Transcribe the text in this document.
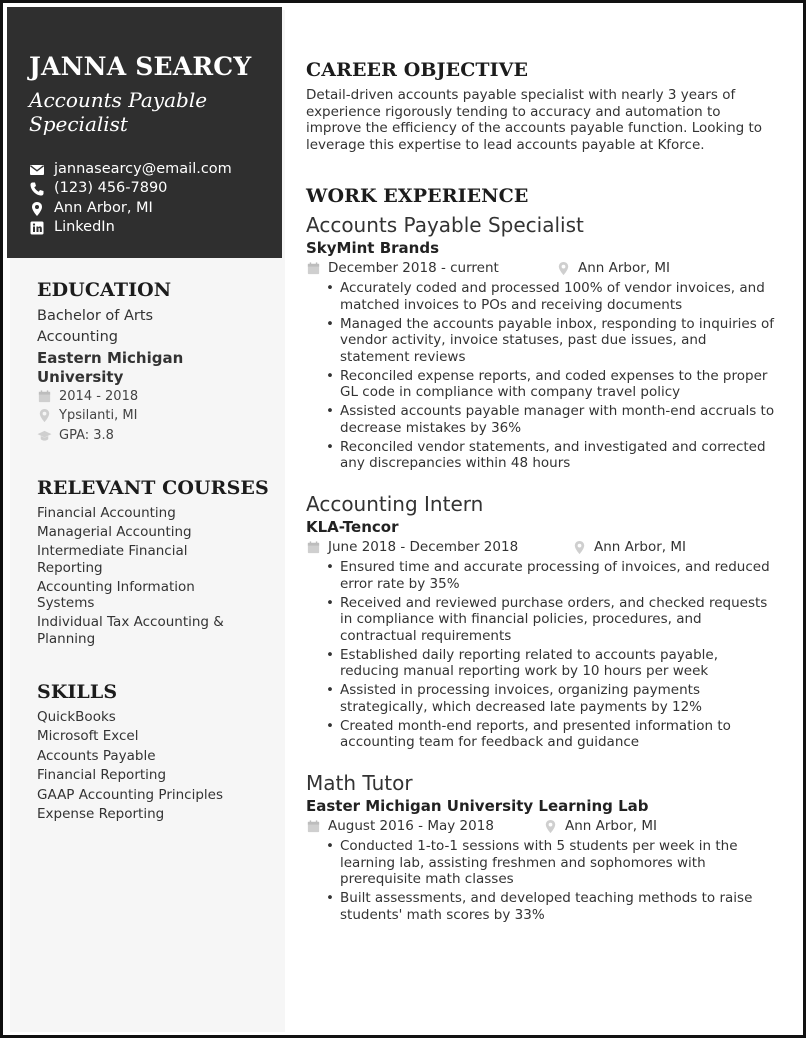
JANNA SEARCY
Accounts Payable Specialist
jannasearcy@email.com
(123) 456-7890
Ann Arbor, MI
LinkedIn
EDUCATION
Bachelor of Arts
Accounting
Eastern Michigan University
2014 - 2018
Ypsilanti, MI
GPA: 3.8
RELEVANT COURSES
Financial Accounting
Managerial Accounting
Intermediate Financial Reporting
Accounting Information Systems
Individual Tax Accounting & Planning
SKILLS
QuickBooks
Microsoft Excel
Accounts Payable
Financial Reporting
GAAP Accounting Principles
Expense Reporting
CAREER OBJECTIVE

Detail-driven accounts payable specialist with nearly 3 years of experience rigorously tending to accuracy and automation to improve the efficiency of the accounts payable function. Looking to leverage this expertise to lead accounts payable at Kforce.

WORK EXPERIENCE
Accounts Payable Specialist
SkyMint Brands
December 2018 - current	Ann Arbor, MI
• Accurately coded and processed 100% of vendor invoices, and matched invoices to POs and receiving documents
• Managed the accounts payable inbox, responding to inquiries of vendor activity, invoice statuses, past due issues, and statement reviews
• Reconciled expense reports, and coded expenses to the proper GL code in compliance with company travel policy
• Assisted accounts payable manager with month-end accruals to decrease mistakes by 36%
• Reconciled vendor statements, and investigated and corrected any discrepancies within 48 hours
Accounting Intern
KLA-Tencor
June 2018 - December 2018	Ann Arbor, MI
• Ensured time and accurate processing of invoices, and reduced error rate by 35%
• Received and reviewed purchase orders, and checked requests in compliance with financial policies, procedures, and contractual requirements
• Established daily reporting related to accounts payable, reducing manual reporting work by 10 hours per week
• Assisted in processing invoices, organizing payments strategically, which decreased late payments by 12%
• Created month-end reports, and presented information to accounting team for feedback and guidance
Math Tutor
Easter Michigan University Learning Lab
August 2016 - May 2018	Ann Arbor, MI
• Conducted 1-to-1 sessions with 5 students per week in the learning lab, assisting freshmen and sophomores with prerequisite math classes
• Built assessments, and developed teaching methods to raise students' math scores by 33%
